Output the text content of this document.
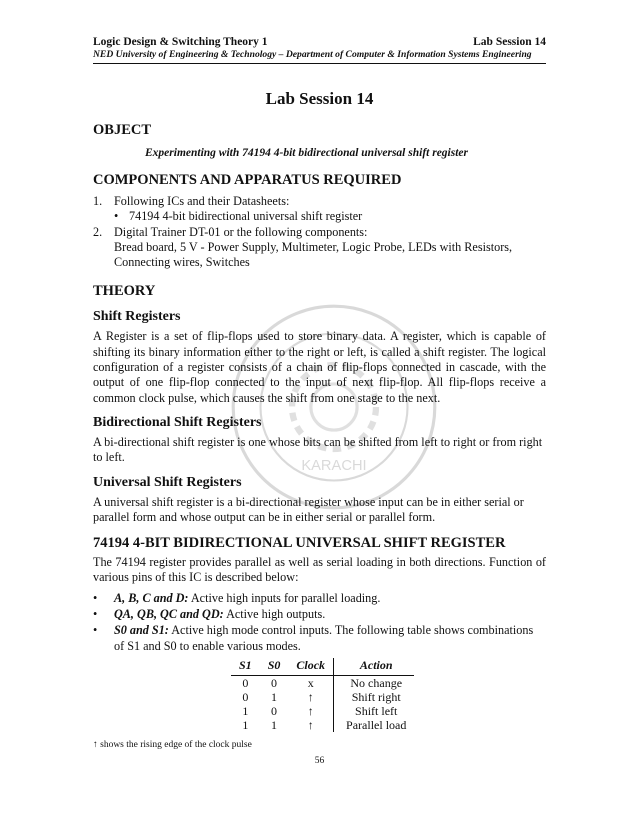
KARACHI
Logic Design & Switching Theory 1	Lab Session 14
NED University of Engineering & Technology – Department of Computer & Information Systems Engineering
Lab Session 14
OBJECT
Experimenting with 74194 4-bit bidirectional universal shift register
COMPONENTS AND APPARATUS REQUIRED
1. Following ICs and their Datasheets:
• 74194 4-bit bidirectional universal shift register
2. Digital Trainer DT-01 or the following components:
Bread board, 5 V - Power Supply, Multimeter, Logic Probe, LEDs with Resistors,
Connecting wires, Switches
THEORY
Shift Registers

A Register is a set of flip-flops used to store binary data. A register, which is capable of shifting its binary information either to the right or left, is called a shift register. The logical configuration of a register consists of a chain of flip-flops connected in cascade, with the output of one flip-flop connected to the input of next flip-flop. All flip-flops receive a common clock pulse, which causes the shift from one stage to the next.

Bidirectional Shift Registers

A bi-directional shift register is one whose bits can be shifted from left to right or from right to left.

Universal Shift Registers

A universal shift register is a bi-directional register whose input can be in either serial or parallel form and whose output can be in either serial or parallel form.

74194 4-BIT BIDIRECTIONAL UNIVERSAL SHIFT REGISTER

The 74194 register provides parallel as well as serial loading in both directions. Function of various pins of this IC is described below:

•	A, B, C and D: Active high inputs for parallel loading.
•	QA, QB, QC and QD: Active high outputs.
•	S0 and S1: Active high mode control inputs. The following table shows combinations of S1 and S0 to enable various modes.
S1	S0	Clock	Action
0	0	x	No change
0	1	↑	Shift right
1	0	↑	Shift left
1	1	↑	Parallel load
↑ shows the rising edge of the clock pulse
56
